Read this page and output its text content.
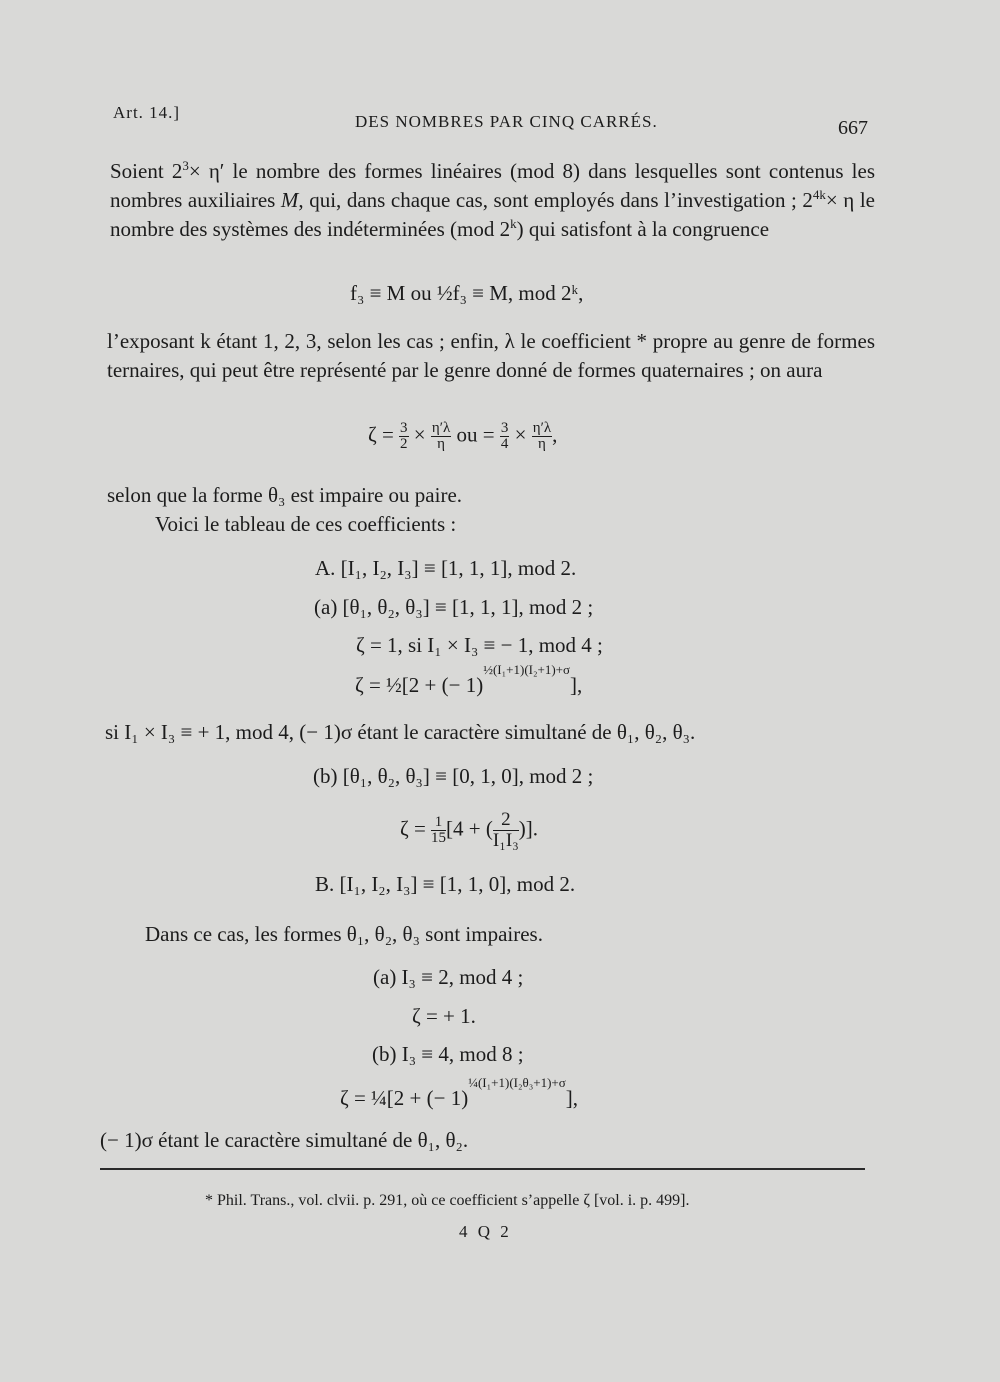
Art. 14.]	DES NOMBRES PAR CINQ CARRÉS.	667
Soient $2^3\times \eta'$ le nombre des formes linéaires (mod 8) dans lesquelles sont contenus les nombres auxiliaires M, qui, dans chaque cas, sont employés dans l’investigation ; $2^{4k}\times \eta$ le nombre des systèmes des indéterminées (mod 2$^k$) qui satisfont à la congruence
f₃ ≡ M ou ½f₃ ≡ M, mod 2ᵏ,
l’exposant k étant 1, 2, 3, selon les cas ; enfin, λ le coefficient * propre au genre de formes ternaires, qui peut être représenté par le genre donné de formes quaternaires ; on aura
$\zeta = \frac{3}{2} \times \frac{\eta'\lambda}{\eta}$ ou = $\frac{3}{4} \times \frac{\eta'\lambda}{\eta}$ ,
selon que la forme θ₃ est impaire ou paire.
Voici le tableau de ces coefficients :
A. [I₁, I₂, I₃] ≡ [1, 1, 1], mod 2.
(a) [θ₁, θ₂, θ₃] ≡ [1, 1, 1], mod 2 ;
ζ = 1, si I₁ × I₃ ≡ − 1, mod 4 ;
ζ = ½[2 + (− 1)$^{\frac{1}{2}(I_1+1)(I_2+1)+\sigma}$],
si I₁ × I₃ ≡ + 1, mod 4, (− 1)σ étant le caractère simultané de θ₁, θ₂, θ₃.
(b) [θ₁, θ₂, θ₃] ≡ [0, 1, 0], mod 2 ;
$\zeta = \frac{1}{15} [4$ + ( $\frac{2}{\text{I₁I₃}}$)].
B. [I₁, I₂, I₃] ≡ [1, 1, 0], mod 2.
Dans ce cas, les formes θ₁, θ₂, θ₃ sont impaires.
(a) I₃ ≡ 2, mod 4 ;
ζ = + 1.
(b) I₃ ≡ 4, mod 8 ;
ζ = ¼[2 + (− 1)$^{\frac{1}{4}(I_1+1)(I_2\theta_3+1)+\sigma}$],
(− 1)σ étant le caractère simultané de θ₁, θ₂.
* Phil. Trans., vol. clvii. p. 291, où ce coefficient s’appelle ζ [vol. i. p. 499].
4 Q 2
